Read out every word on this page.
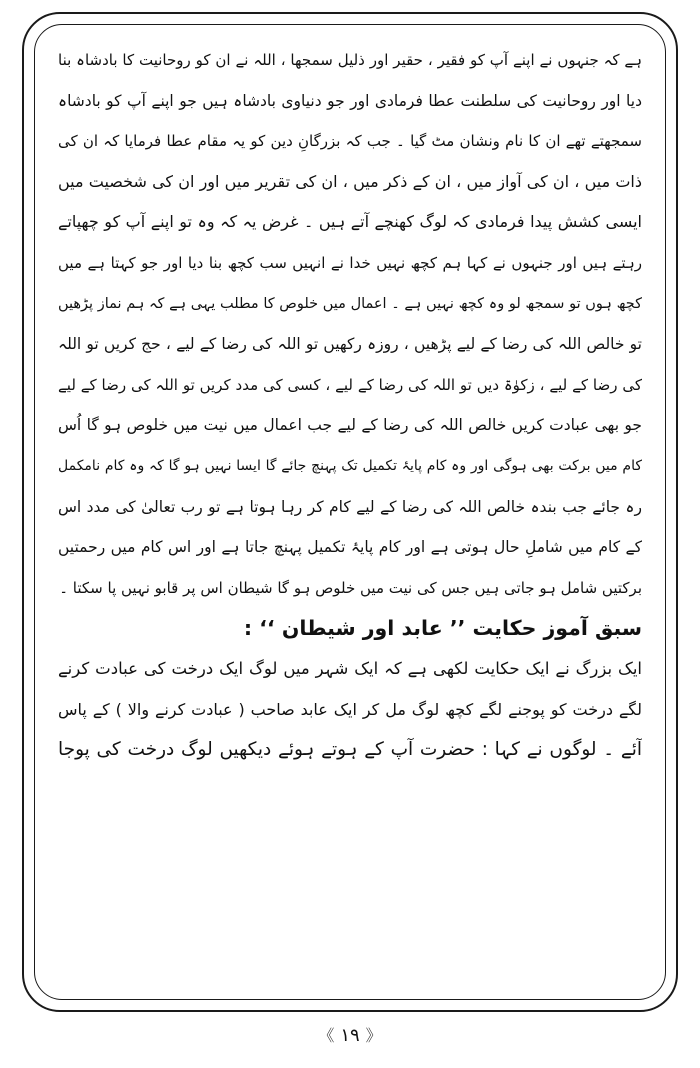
ہے کہ جنہوں نے اپنے آپ کو فقیر ، حقیر اور ذلیل سمجھا ، اللہ نے ان کو روحانیت کا بادشاہ بنا
دیا اور روحانیت کی سلطنت عطا فرمادی اور جو دنیاوی بادشاہ ہیں جو اپنے آپ کو بادشاہ
سمجھتے تھے ان کا نام ونشان مٹ گیا ۔ جب کہ بزرگانِ دین کو یہ مقام عطا فرمایا کہ ان کی
ذات میں ، ان کی آواز میں ، ان کے ذکر میں ، ان کی تقریر میں اور ان کی شخصیت میں
ایسی کشش پیدا فرمادی کہ لوگ کھنچے آتے ہیں ۔ غرض یہ کہ وہ تو اپنے آپ کو چھپاتے
رہتے ہیں اور جنہوں نے کہا ہم کچھ نہیں خدا نے انہیں سب کچھ بنا دیا اور جو کہتا ہے میں
کچھ ہوں تو سمجھ لو وہ کچھ نہیں ہے ۔ اعمال میں خلوص کا مطلب یہی ہے کہ ہم نماز پڑھیں
تو خالص اللہ کی رضا کے لیے پڑھیں ، روزہ رکھیں تو اللہ کی رضا کے لیے ، حج کریں تو اللہ
کی رضا کے لیے ، زکوٰۃ دیں تو اللہ کی رضا کے لیے ، کسی کی مدد کریں تو اللہ کی رضا کے لیے
جو بھی عبادت کریں خالص اللہ کی رضا کے لیے جب اعمال میں نیت میں خلوص ہو گا اُس
کام میں برکت بھی ہوگی اور وہ کام پایۂ تکمیل تک پہنچ جائے گا ایسا نہیں ہو گا کہ وہ کام نامکمل
رہ جائے جب بندہ خالص اللہ کی رضا کے لیے کام کر رہا ہوتا ہے تو رب تعالیٰ کی مدد اس
کے کام میں شاملِ حال ہوتی ہے اور کام پایۂ تکمیل پہنچ جاتا ہے اور اس کام میں رحمتیں
برکتیں شامل ہو جاتی ہیں جس کی نیت میں خلوص ہو گا شیطان اس پر قابو نہیں پا سکتا ۔
سبق آموز حکایت ’’ عابد اور شیطان ‘‘ :
ایک بزرگ نے ایک حکایت لکھی ہے کہ ایک شہر میں لوگ ایک درخت کی عبادت کرنے
لگے درخت کو پوجنے لگے کچھ لوگ مل کر ایک عابد صاحب ( عبادت کرنے والا ) کے پاس
آئے ۔ لوگوں نے کہا : حضرت آپ کے ہوتے ہوئے دیکھیں لوگ درخت کی پوجا
《 ۱۹ 》
